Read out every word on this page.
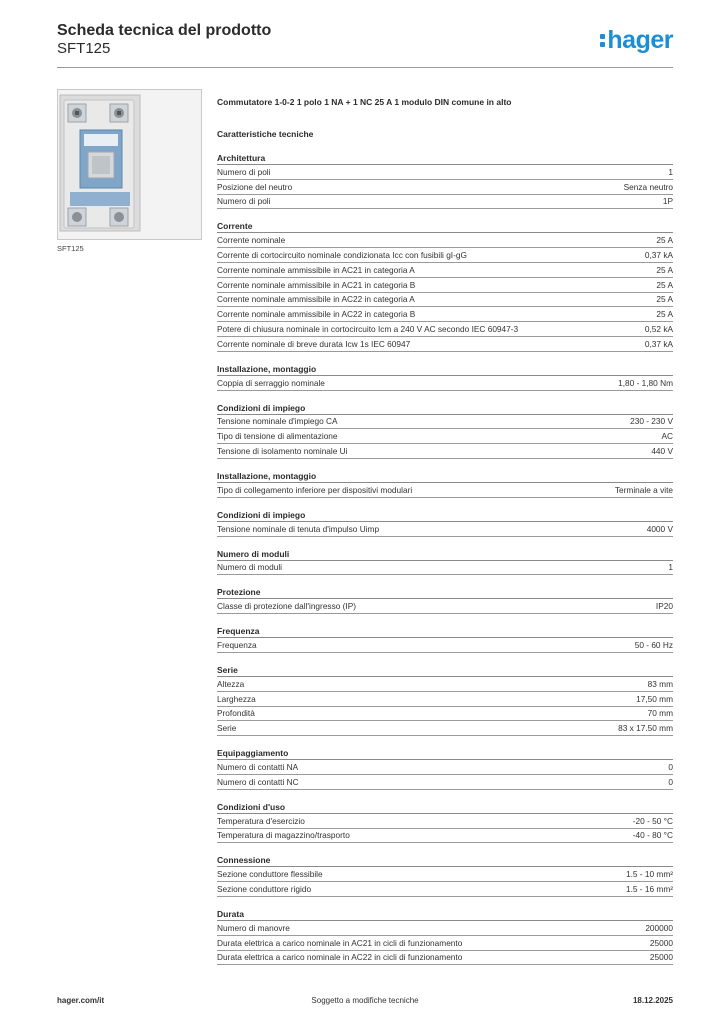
Scheda tecnica del prodotto
SFT125	hager
SFT125
Commutatore 1-0-2 1 polo 1 NA + 1 NC 25 A 1 modulo DIN comune in alto
Caratteristiche tecniche
Architettura
Numero di poli	1
Posizione del neutro	Senza neutro
Numero di poli	1P
Corrente
Corrente nominale	25 A
Corrente di cortocircuito nominale condizionata Icc con fusibili gI-gG	0,37 kA
Corrente nominale ammissibile in AC21 in categoria A	25 A
Corrente nominale ammissibile in AC21 in categoria B	25 A
Corrente nominale ammissibile in AC22 in categoria A	25 A
Corrente nominale ammissibile in AC22 in categoria B	25 A
Potere di chiusura nominale in cortocircuito Icm a 240 V AC secondo IEC 60947-3	0,52 kA
Corrente nominale di breve durata Icw 1s IEC 60947	0,37 kA
Installazione, montaggio
Coppia di serraggio nominale	1,80 - 1,80 Nm
Condizioni di impiego
Tensione nominale d'impiego CA	230 - 230 V
Tipo di tensione di alimentazione	AC
Tensione di isolamento nominale Ui	440 V
Installazione, montaggio
Tipo di collegamento inferiore per dispositivi modulari	Terminale a vite
Condizioni di impiego
Tensione nominale di tenuta d'impulso Uimp	4000 V
Numero di moduli
Numero di moduli	1
Protezione
Classe di protezione dall'ingresso (IP)	IP20
Frequenza
Frequenza	50 - 60 Hz
Serie
Altezza	83 mm
Larghezza	17,50 mm
Profondità	70 mm
Serie	83 x 17.50 mm
Equipaggiamento
Numero di contatti NA	0
Numero di contatti NC	0
Condizioni d'uso
Temperatura d'esercizio	-20 - 50 °C
Temperatura di magazzino/trasporto	-40 - 80 °C
Connessione
Sezione conduttore flessibile	1.5 - 10 mm²
Sezione conduttore rigido	1.5 - 16 mm²
Durata
Numero di manovre	200000
Durata elettrica a carico nominale in AC21 in cicli di funzionamento	25000
Durata elettrica a carico nominale in AC22 in cicli di funzionamento	25000
hager.com/it	Soggetto a modifiche tecniche	18.12.2025
